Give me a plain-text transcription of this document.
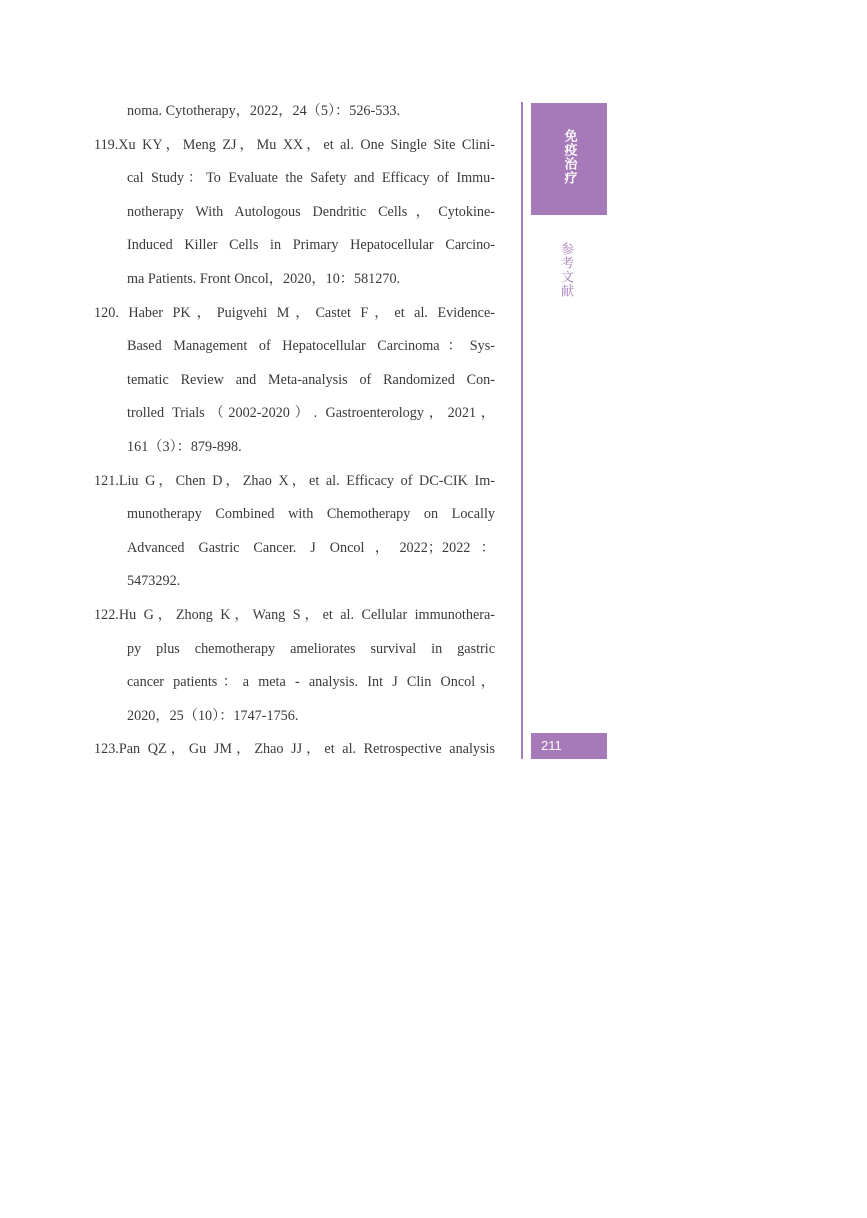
noma. Cytotherapy，2022，24（5）：526-533.
119.Xu KY，Meng ZJ，Mu XX，et al. One Single Site Clini-
cal Study：To Evaluate the Safety and Efficacy of Immu-
notherapy With Autologous Dendritic Cells，Cytokine-
Induced Killer Cells in Primary Hepatocellular Carcino-
ma Patients. Front Oncol，2020，10：581270.
120. Haber PK，Puigvehi M，Castet F，et al. Evidence-
Based Management of Hepatocellular Carcinoma：Sys-
tematic Review and Meta-analysis of Randomized Con-
trolled Trials（2002-2020）. Gastroenterology，2021，
161（3）：879-898.
121.Liu G，Chen D，Zhao X，et al. Efficacy of DC-CIK Im-
munotherapy Combined with Chemotherapy on Locally
Advanced Gastric Cancer. J Oncol，2022；2022：
5473292.
122.Hu G，Zhong K，Wang S，et al. Cellular immunothera-
py plus chemotherapy ameliorates survival in gastric
cancer patients：a meta - analysis. Int J Clin Oncol，
2020，25（10）：1747-1756.
123.Pan QZ，Gu JM，Zhao JJ，et al. Retrospective analysis
免疫治疗
参考文献
211
